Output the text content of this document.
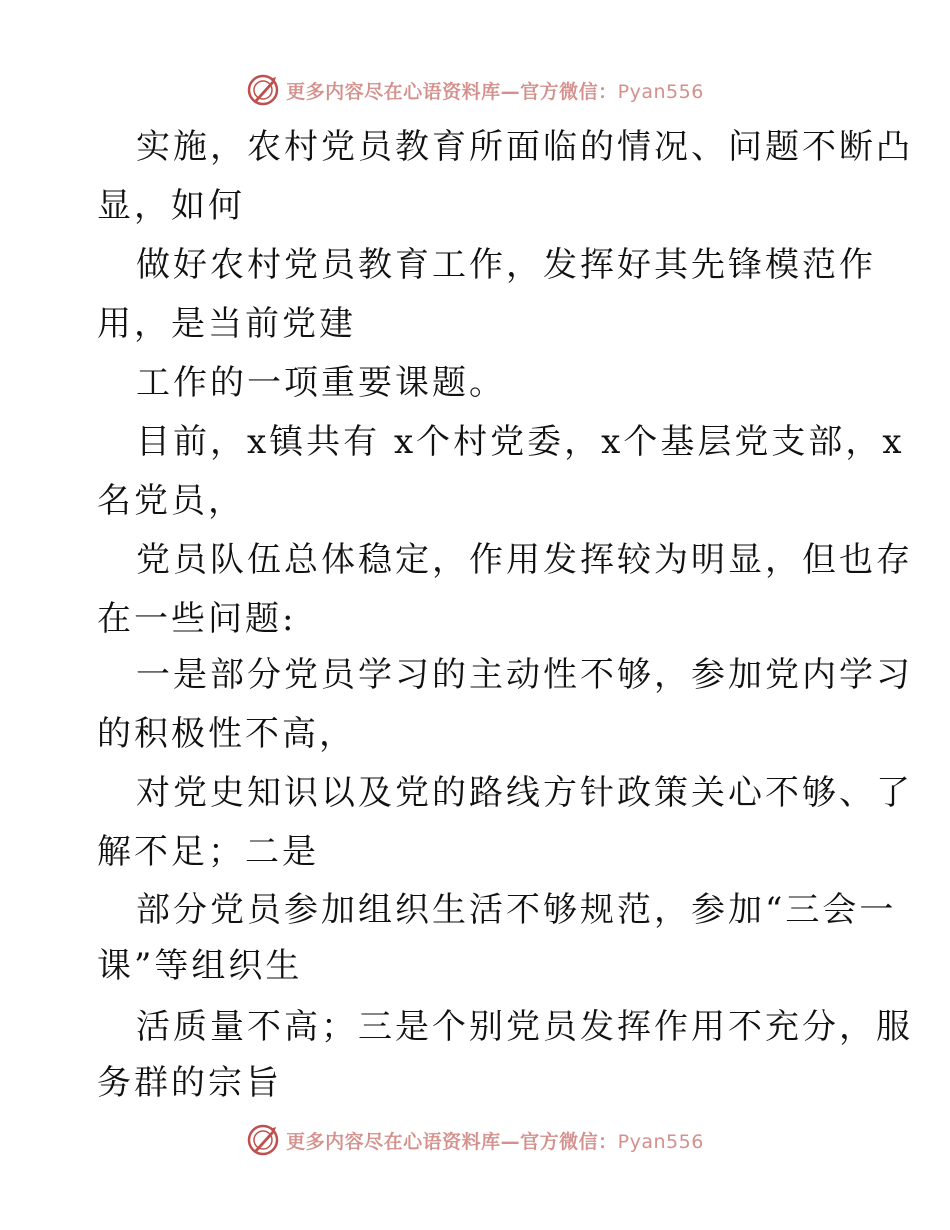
更多内容尽在心语资料库—官方微信：Pyan556
实施，农村党员教育所面临的情况、问题不断凸
显，如何
做好农村党员教育工作，发挥好其先锋模范作
用，是当前党建
工作的一项重要课题。
目前，x镇共有 x个村党委，x个基层党支部，x
名党员，
党员队伍总体稳定，作用发挥较为明显，但也存
在一些问题:
一是部分党员学习的主动性不够，参加党内学习
的积极性不高，
对党史知识以及党的路线方针政策关心不够、了
解不足；二是
部分党员参加组织生活不够规范，参加“三会一
课”等组织生
活质量不高；三是个别党员发挥作用不充分，服
务群的宗旨
更多内容尽在心语资料库—官方微信：Pyan556
